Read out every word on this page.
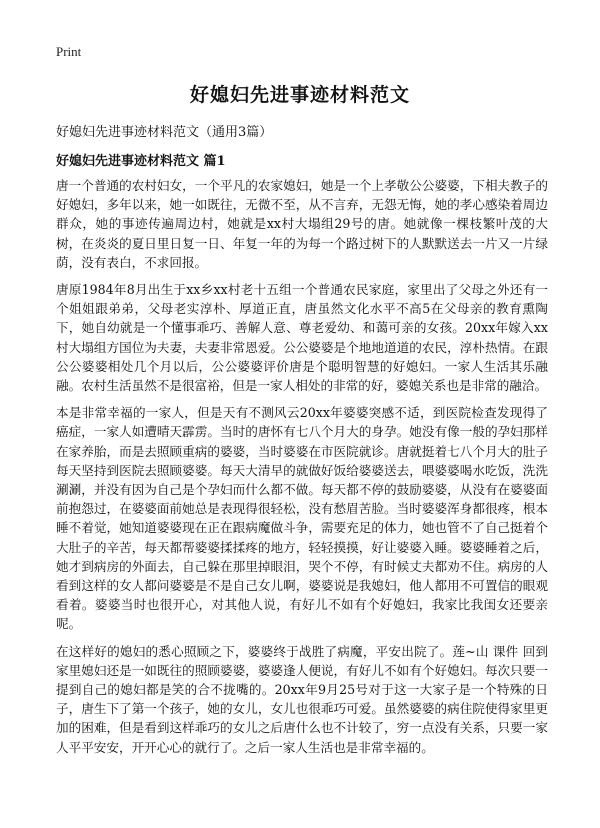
Print
好媳妇先进事迹材料范文

好媳妇先进事迹材料范文（通用3篇）

好媳妇先进事迹材料范文 篇1

唐一个普通的农村妇女，一个平凡的农家媳妇，她是一个上孝敬公公婆婆，下相夫教子的好媳妇，多年以来，她一如既往，无微不至，从不言弃，无怨无悔，她的孝心感染着周边群众，她的事迹传遍周边村，她就是xx村大塌组29号的唐。她就像一棵枝繁叶茂的大树，在炎炎的夏日里日复一日、年复一年的为每一个路过树下的人默默送去一片又一片绿荫，没有表白，不求回报。

唐原1984年8月出生于xx乡xx村老十五组一个普通农民家庭，家里出了父母之外还有一个姐姐跟弟弟，父母老实淳朴、厚道正直，唐虽然文化水平不高5在父母亲的教育熏陶下，她自幼就是一个懂事乖巧、善解人意、尊老爱幼、和蔼可亲的女孩。20xx年嫁入xx村大塌组方国位为夫妻，夫妻非常恩爱。公公婆婆是个地地道道的农民，淳朴热情。在跟公公婆婆相处几个月以后，公公婆婆评价唐是个聪明智慧的好媳妇。一家人生活其乐融融。农村生活虽然不是很富裕，但是一家人相处的非常的好，婆媳关系也是非常的融洽。

本是非常幸福的一家人，但是天有不测风云20xx年婆婆突感不适，到医院检查发现得了癌症，一家人如遭晴天霹雳。当时的唐怀有七八个月大的身孕。她没有像一般的孕妇那样在家养胎，而是去照顾重病的婆婆，当时婆婆在市医院就诊。唐就挺着七八个月大的肚子每天坚持到医院去照顾婆婆。每天大清早的就做好饭给婆婆送去，喂婆婆喝水吃饭，洗洗涮涮，并没有因为自己是个孕妇而什么都不做。每天都不停的鼓励婆婆，从没有在婆婆面前抱怨过，在婆婆面前她总是表现得很轻松，没有愁眉苦脸。当时婆婆浑身都很疼，根本睡不着觉，她知道婆婆现在正在跟病魔做斗争，需要充足的体力，她也管不了自己挺着个大肚子的辛苦，每天都帮婆婆揉揉疼的地方，轻轻摸摸，好让婆婆入睡。婆婆睡着之后，她才到病房的外面去，自己躲在那里掉眼泪，哭个不停，有时候丈夫都劝不住。病房的人看到这样的女人都问婆婆是不是自己女儿啊，婆婆说是我媳妇，他人都用不可置信的眼观看着。婆婆当时也很开心，对其他人说，有好儿不如有个好媳妇，我家比我闺女还要亲呢。

在这样好的媳妇的悉心照顾之下，婆婆终于战胜了病魔，平安出院了。莲~山 课件 回到家里媳妇还是一如既往的照顾婆婆，婆婆逢人便说，有好儿不如有个好媳妇。每次只要一提到自己的媳妇都是笑的合不拢嘴的。20xx年9月25号对于这一大家子是一个特殊的日子，唐生下了第一个孩子，她的女儿，女儿也很乖巧可爱。虽然婆婆的病住院使得家里更加的困难，但是看到这样乖巧的女儿之后唐什么也不计较了，穷一点没有关系，只要一家人平平安安，开开心心的就行了。之后一家人生活也是非常幸福的。
